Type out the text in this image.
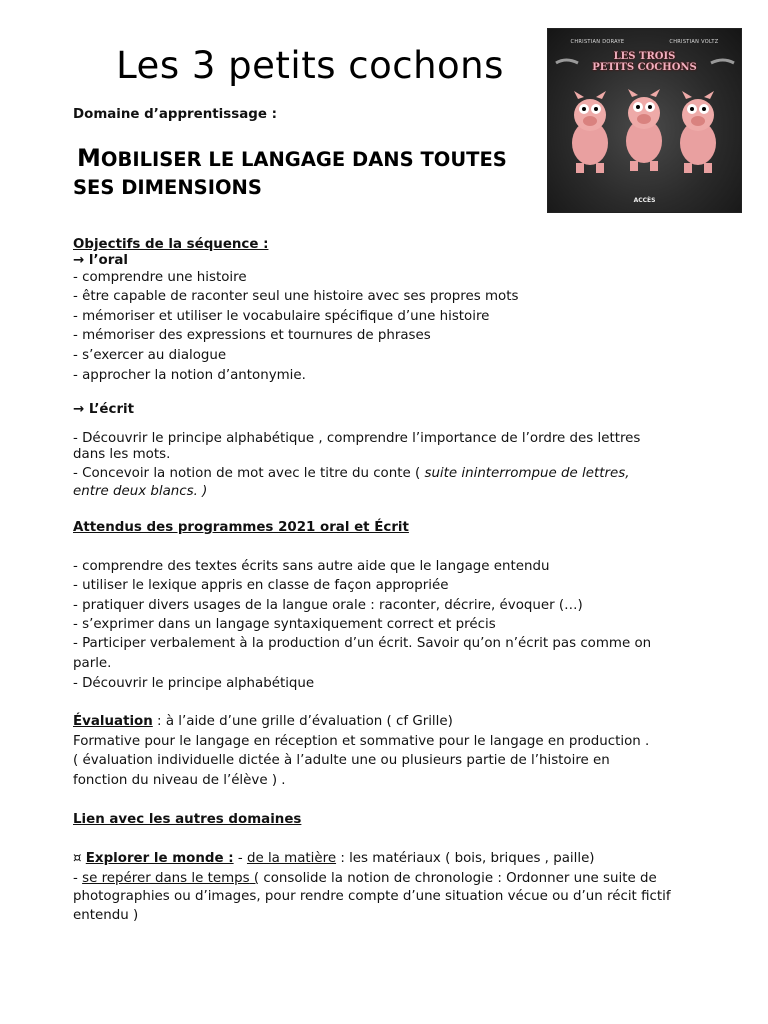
Les 3 petits cochons
CHRISTIAN DORAYE	CHRISTIAN VOLTZ
LES TROIS
PETITS COCHONS
ACCÈS
Domaine d’apprentissage :
MOBILISER LE LANGAGE DANS TOUTES
SES DIMENSIONS
Objectifs de la séquence :
→ l’oral
- comprendre une histoire
- être capable de raconter seul une histoire avec ses propres mots
- mémoriser et utiliser le vocabulaire spécifique d’une histoire
- mémoriser des expressions et tournures de phrases
- s’exercer au dialogue
- approcher la notion d’antonymie.
→ L’écrit
- Découvrir le principe alphabétique , comprendre l’importance de l’ordre des lettres
dans les mots.
- Concevoir la notion de mot avec le titre du conte ( suite ininterrompue de lettres,
entre deux blancs. )
Attendus des programmes 2021 oral et Écrit
- comprendre des textes écrits sans autre aide que le langage entendu
- utiliser le lexique appris en classe de façon appropriée
- pratiquer divers usages de la langue orale : raconter, décrire, évoquer (…)
- s’exprimer dans un langage syntaxiquement correct et précis
- Participer verbalement à la production d’un écrit. Savoir qu’on n’écrit pas comme on
parle.
- Découvrir le principe alphabétique
Évaluation : à l’aide d’une grille d’évaluation ( cf Grille)
Formative pour le langage en réception et sommative pour le langage en production .
( évaluation individuelle dictée à l’adulte une ou plusieurs partie de l’histoire en
fonction du niveau de l’élève ) .
Lien avec les autres domaines
¤ Explorer le monde : - de la matière : les matériaux ( bois, briques , paille)
- se repérer dans le temps ( consolide la notion de chronologie : Ordonner une suite de
photographies ou d’images, pour rendre compte d’une situation vécue ou d’un récit fictif
entendu )
